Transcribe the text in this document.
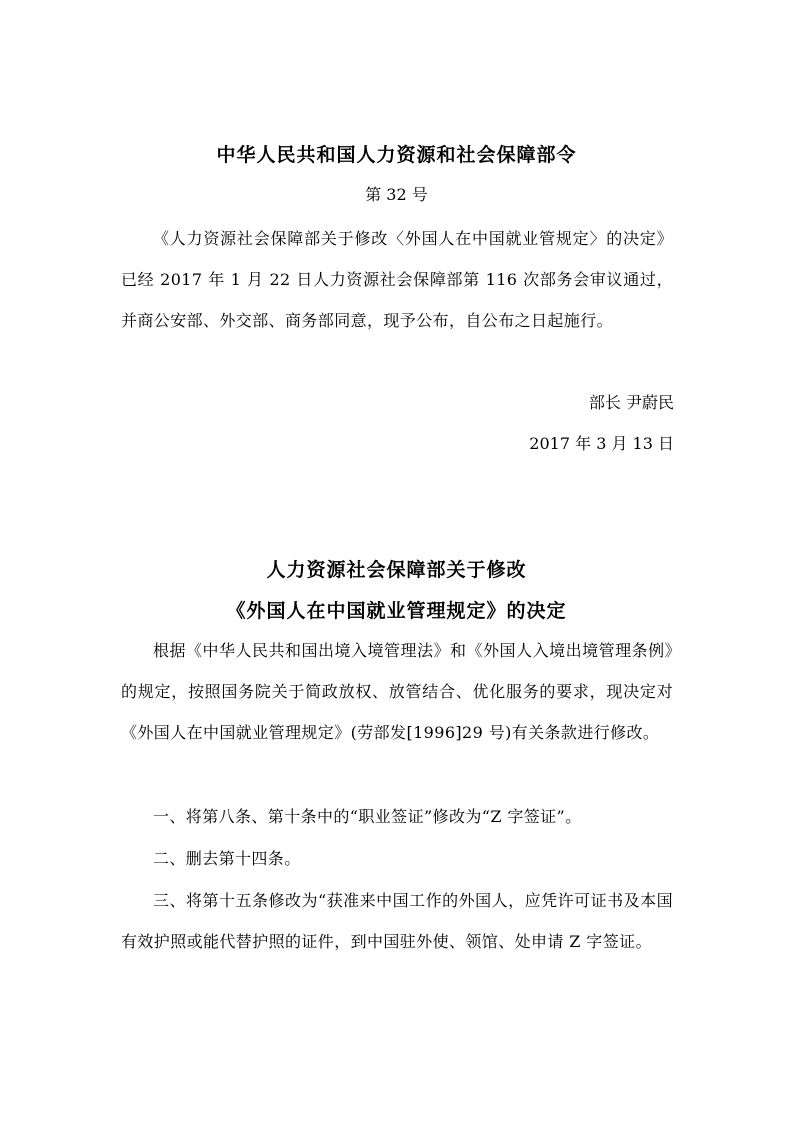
中华人民共和国人力资源和社会保障部令
第 32 号
《人力资源社会保障部关于修改〈外国人在中国就业管规定〉的决定》已经 2017 年 1 月 22 日人力资源社会保障部第 116 次部务会审议通过，并商公安部、外交部、商务部同意，现予公布，自公布之日起施行。
部长 尹蔚民
2017 年 3 月 13 日
人力资源社会保障部关于修改
《外国人在中国就业管理规定》的决定
根据《中华人民共和国出境入境管理法》和《外国人入境出境管理条例》的规定，按照国务院关于简政放权、放管结合、优化服务的要求，现决定对《外国人在中国就业管理规定》(劳部发[1996]29 号)有关条款进行修改。
一、将第八条、第十条中的“职业签证”修改为“Z 字签证”。
二、删去第十四条。
三、将第十五条修改为“获准来中国工作的外国人，应凭许可证书及本国有效护照或能代替护照的证件，到中国驻外使、领馆、处申请 Z 字签证。
